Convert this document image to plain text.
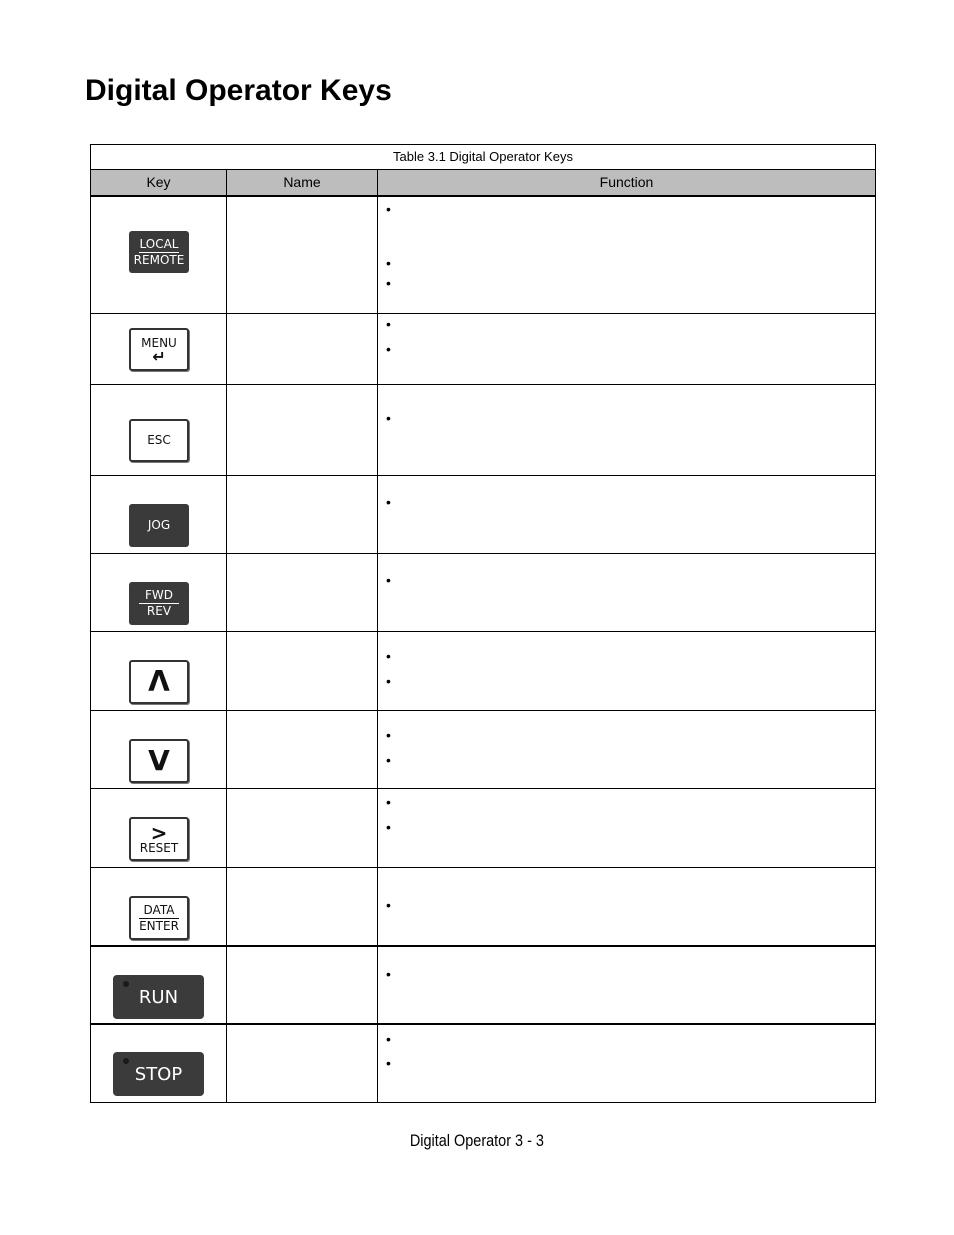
Digital Operator Keys
Table 3.1 Digital Operator Keys
Key	Name	Function
LOCAL
REMOTE
•
•
•
MENU
↵
•
•
ESC
•
JOG
•
FWD
REV
•
Λ
•
•
V
•
•
>
RESET
•
•
DATA
ENTER
•
RUN
•
STOP
•
•
Digital Operator 3 - 3
